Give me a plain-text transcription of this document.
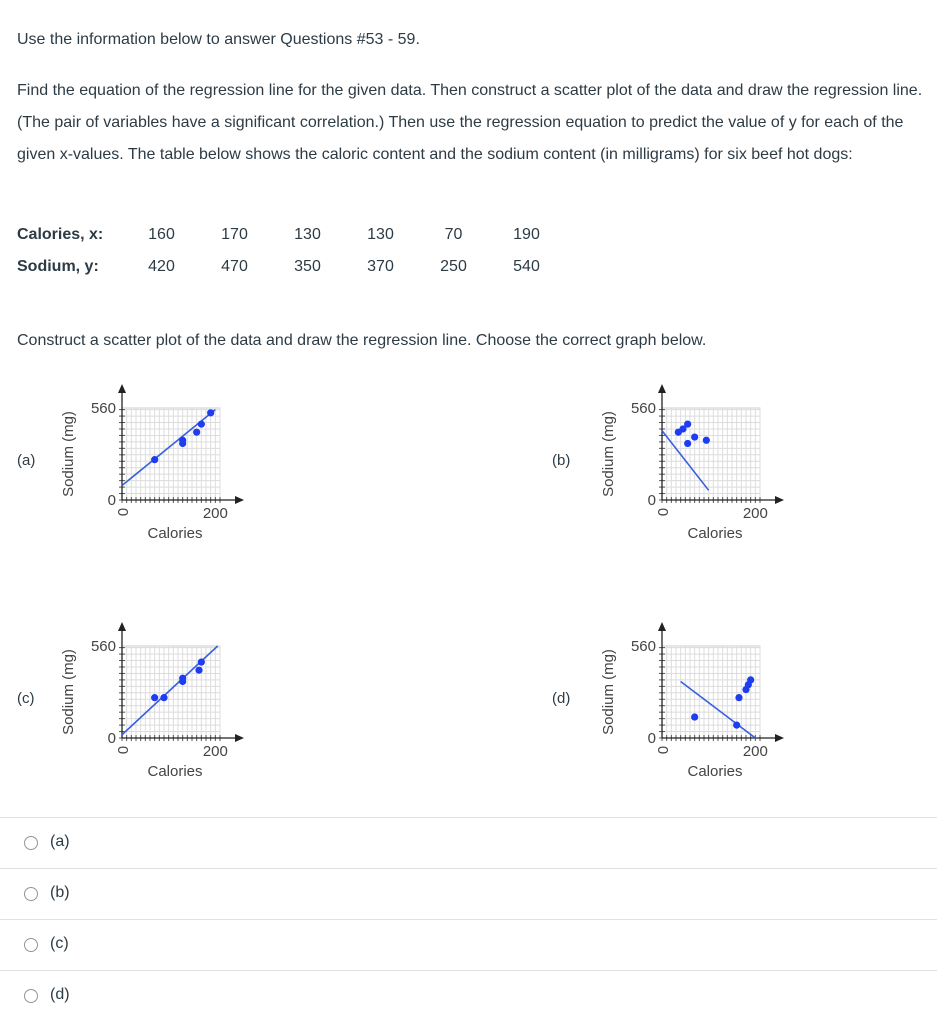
Use the information below to answer Questions #53 - 59.

Find the equation of the regression line for the given data. Then construct a scatter plot of the data and draw the regression line. (The pair of variables have a significant correlation.) Then use the regression equation to predict the value of y for each of the given x-values. The table below shows the caloric content and the sodium content (in milligrams) for six beef hot dogs:

Calories, x:	160	170	130	130	70	190
Sodium, y:	420	470	350	370	250	540

Construct a scatter plot of the data and draw the regression line. Choose the correct graph below.

(a)	(b)
(c)	(d)
0
560
0	200
Calories
Sodium (mg)
0
560
0	200
Calories
Sodium (mg)
0
560
0	200
Calories
Sodium (mg)
0
560
0	200
Calories
Sodium (mg)
(a)
(b)
(c)
(d)
